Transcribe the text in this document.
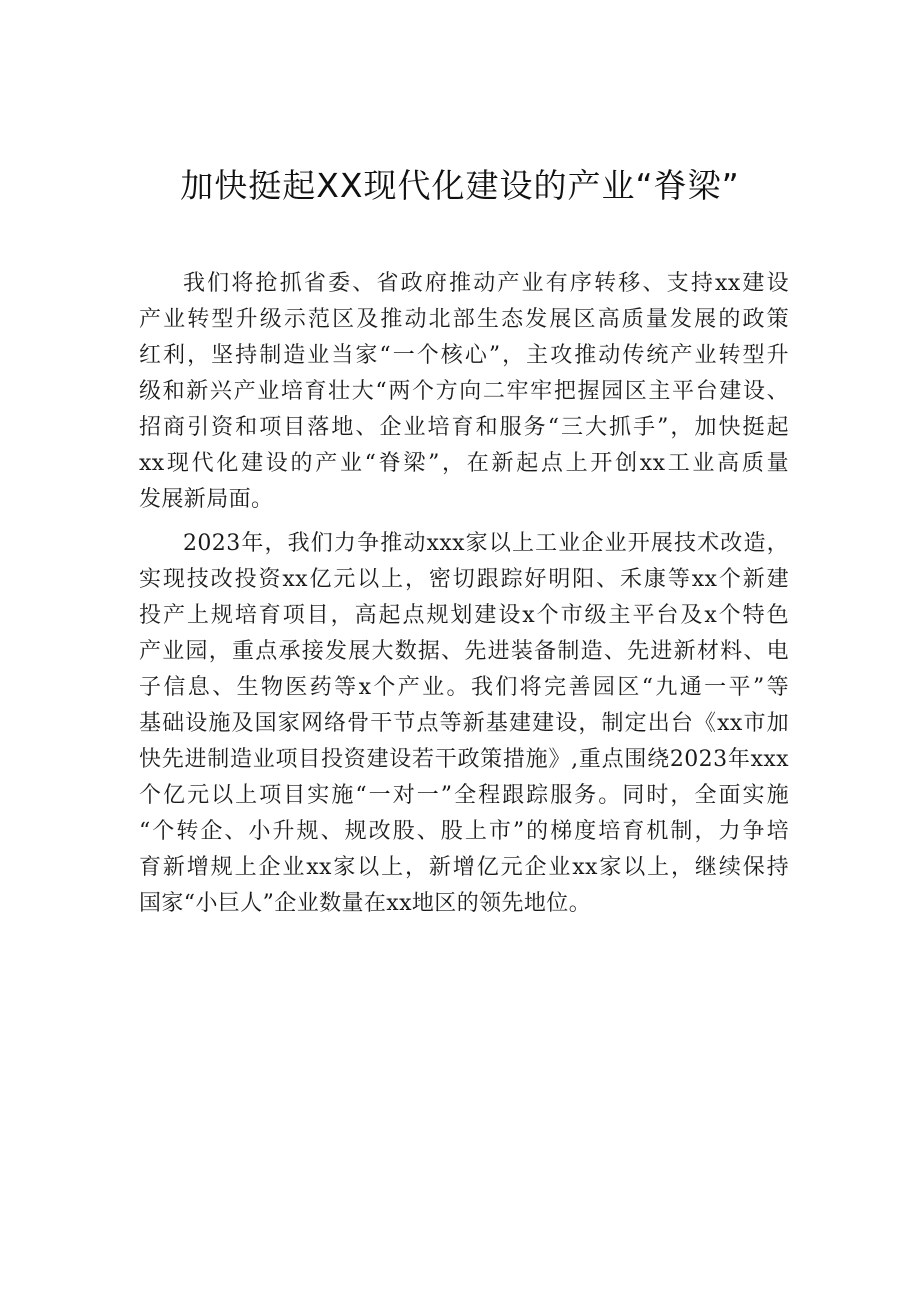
加快挺起XX现代化建设的产业“脊梁”
我们将抢抓省委、省政府推动产业有序转移、支持xx建设
产业转型升级示范区及推动北部生态发展区高质量发展的政策
红利，坚持制造业当家“一个核心”，主攻推动传统产业转型升
级和新兴产业培育壮大“两个方向二牢牢把握园区主平台建设、
招商引资和项目落地、企业培育和服务“三大抓手”，加快挺起
xx现代化建设的产业“脊梁”，在新起点上开创xx工业高质量
发展新局面。
2023年，我们力争推动xxx家以上工业企业开展技术改造，
实现技改投资xx亿元以上，密切跟踪好明阳、禾康等xx个新建
投产上规培育项目，高起点规划建设x个市级主平台及x个特色
产业园，重点承接发展大数据、先进装备制造、先进新材料、电
子信息、生物医药等x个产业。我们将完善园区“九通一平”等
基础设施及国家网络骨干节点等新基建建设，制定出台《xx市加
快先进制造业项目投资建设若干政策措施》,重点围绕2023年xxx
个亿元以上项目实施“一对一”全程跟踪服务。同时，全面实施
“个转企、小升规、规改股、股上市”的梯度培育机制，力争培
育新增规上企业xx家以上，新增亿元企业xx家以上，继续保持
国家“小巨人”企业数量在xx地区的领先地位。
